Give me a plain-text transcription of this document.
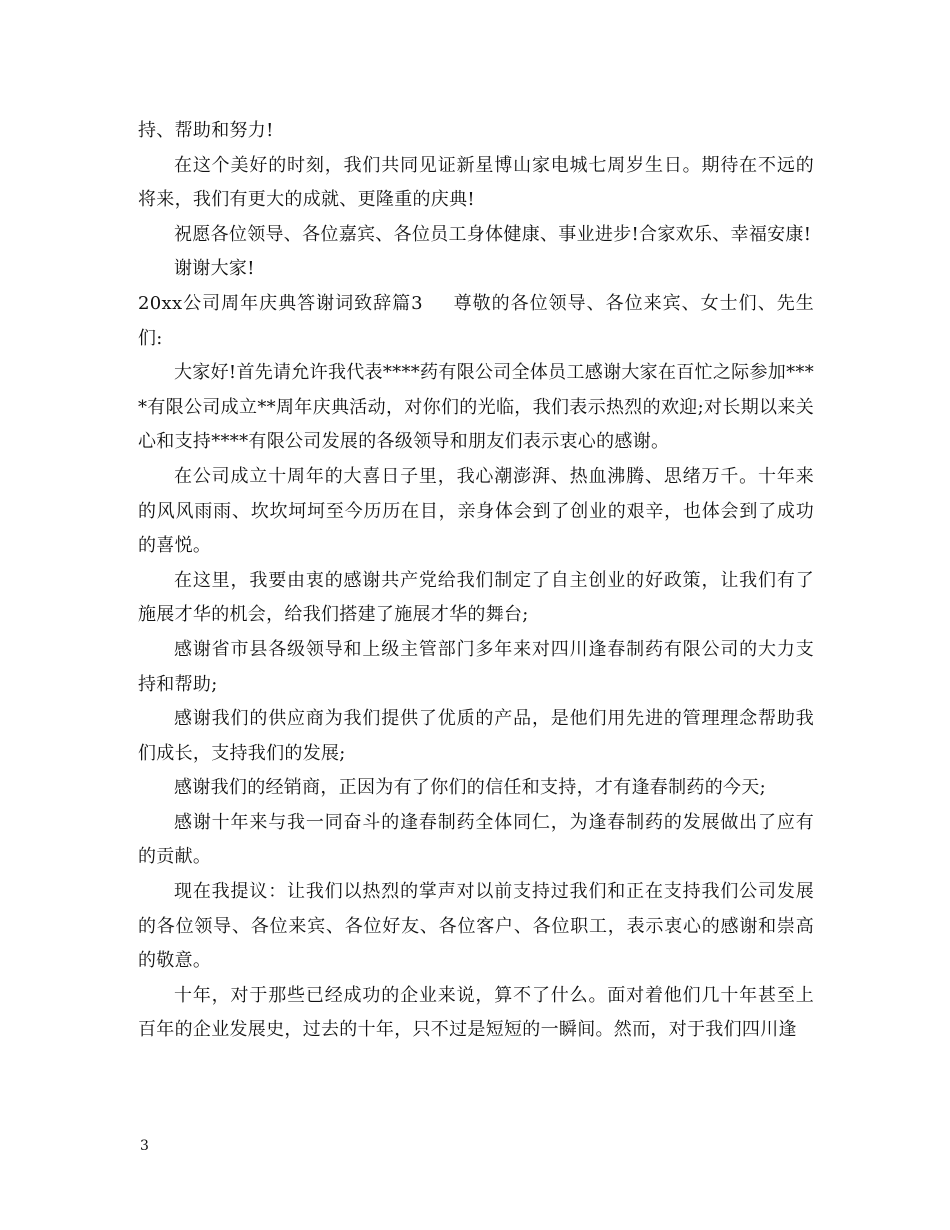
持、帮助和努力!

在这个美好的时刻，我们共同见证新星博山家电城七周岁生日。期待在不远的将来，我们有更大的成就、更隆重的庆典!

祝愿各位领导、各位嘉宾、各位员工身体健康、事业进步!合家欢乐、幸福安康!

谢谢大家!

20xx公司周年庆典答谢词致辞篇3 尊敬的各位领导、各位来宾、女士们、先生们:

大家好!首先请允许我代表****药有限公司全体员工感谢大家在百忙之际参加****有限公司成立**周年庆典活动，对你们的光临，我们表示热烈的欢迎;对长期以来关心和支持****有限公司发展的各级领导和朋友们表示衷心的感谢。

在公司成立十周年的大喜日子里，我心潮澎湃、热血沸腾、思绪万千。十年来的风风雨雨、坎坎坷坷至今历历在目，亲身体会到了创业的艰辛，也体会到了成功的喜悦。

在这里，我要由衷的感谢共产党给我们制定了自主创业的好政策，让我们有了施展才华的机会，给我们搭建了施展才华的舞台;

感谢省市县各级领导和上级主管部门多年来对四川逢春制药有限公司的大力支持和帮助;

感谢我们的供应商为我们提供了优质的产品，是他们用先进的管理理念帮助我们成长，支持我们的发展;

感谢我们的经销商，正因为有了你们的信任和支持，才有逢春制药的今天;

感谢十年来与我一同奋斗的逢春制药全体同仁，为逢春制药的发展做出了应有的贡献。

现在我提议：让我们以热烈的掌声对以前支持过我们和正在支持我们公司发展的各位领导、各位来宾、各位好友、各位客户、各位职工，表示衷心的感谢和崇高的敬意。

十年，对于那些已经成功的企业来说，算不了什么。面对着他们几十年甚至上百年的企业发展史，过去的十年，只不过是短短的一瞬间。然而，对于我们四川逢

3
